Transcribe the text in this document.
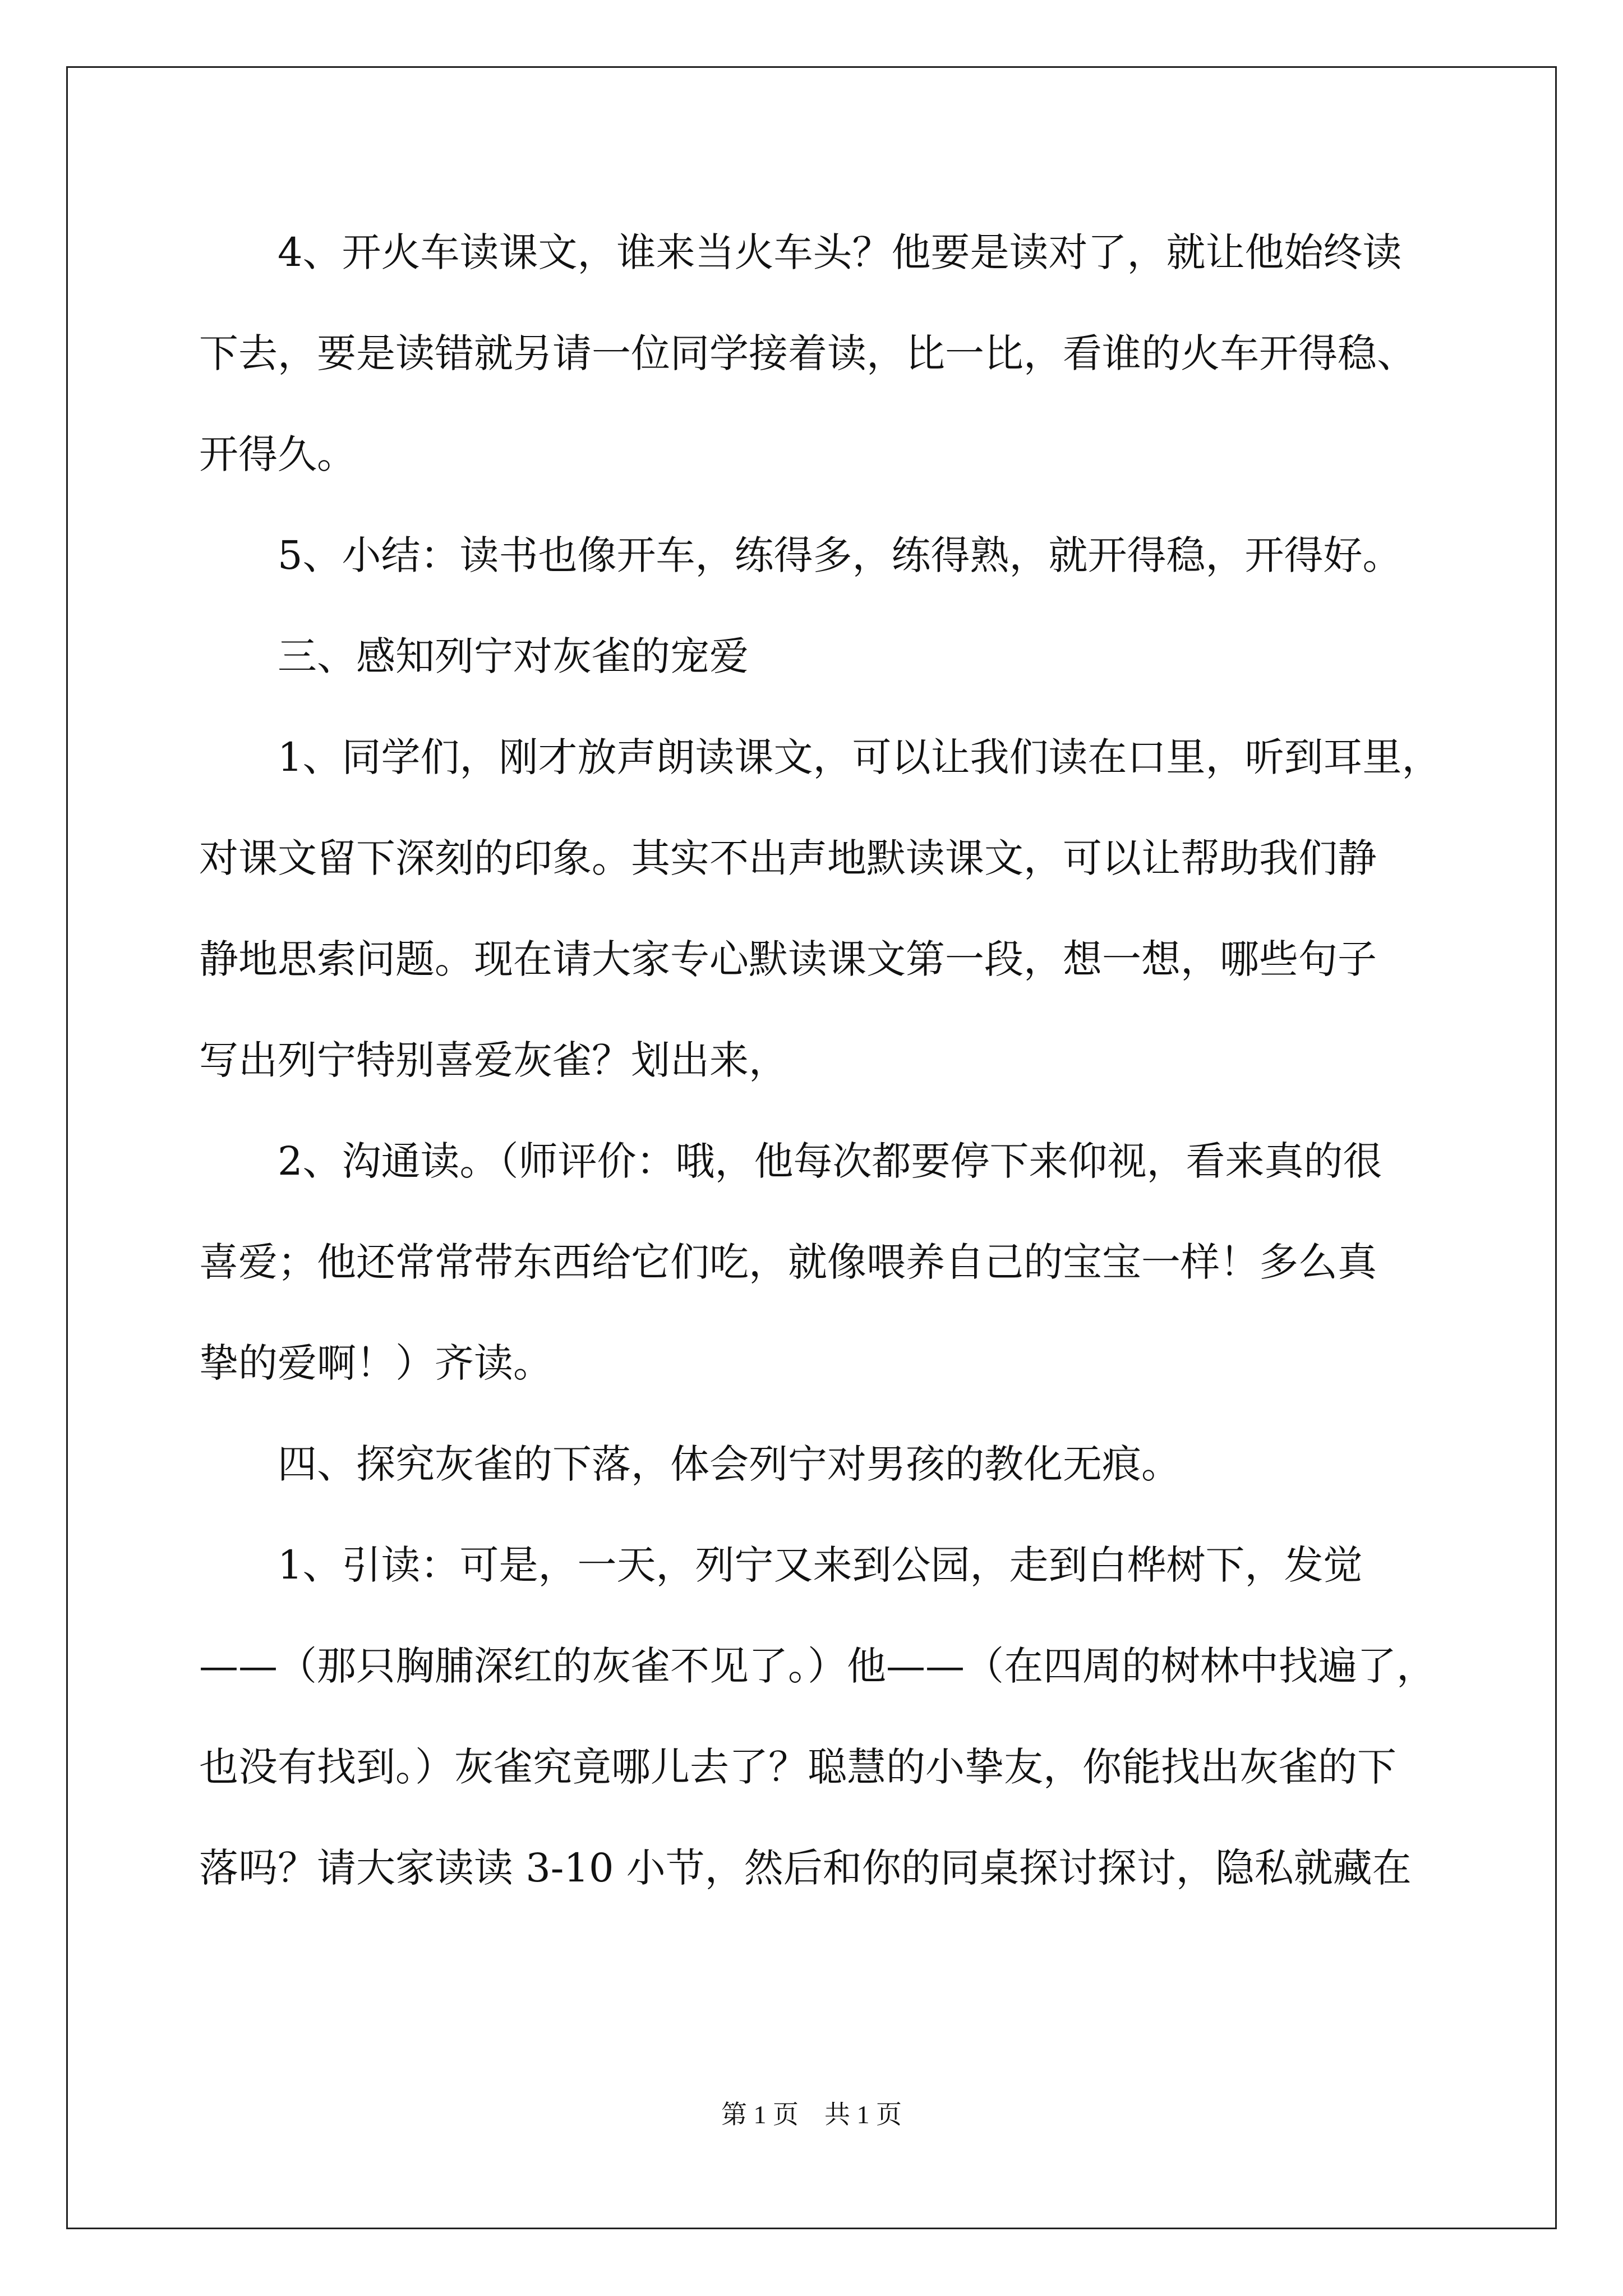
4、开火车读课文，谁来当火车头？他要是读对了，就让他始终读
下去，要是读错就另请一位同学接着读，比一比，看谁的火车开得稳、
开得久。
5、小结：读书也像开车，练得多，练得熟，就开得稳，开得好。
三、感知列宁对灰雀的宠爱
1、同学们，刚才放声朗读课文，可以让我们读在口里，听到耳里，
对课文留下深刻的印象。其实不出声地默读课文，可以让帮助我们静
静地思索问题。现在请大家专心默读课文第一段，想一想，哪些句子
写出列宁特别喜爱灰雀？划出来，
2、沟通读。（师评价：哦，他每次都要停下来仰视，看来真的很
喜爱；他还常常带东西给它们吃，就像喂养自己的宝宝一样！多么真
挚的爱啊！）齐读。
四、探究灰雀的下落，体会列宁对男孩的教化无痕。
1、引读：可是，一天，列宁又来到公园，走到白桦树下，发觉
——（那只胸脯深红的灰雀不见了。）他——（在四周的树林中找遍了，
也没有找到。）灰雀究竟哪儿去了？聪慧的小挚友，你能找出灰雀的下
落吗？请大家读读 3-10 小节，然后和你的同桌探讨探讨，隐私就藏在
第 1 页　共 1 页
